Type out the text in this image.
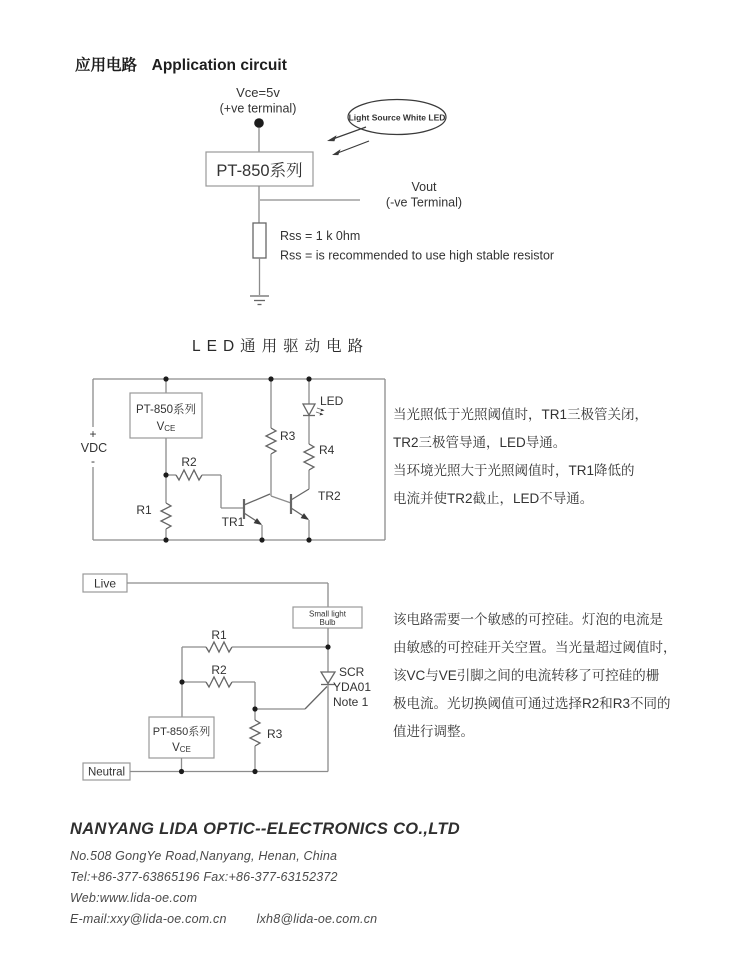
应用电路 Application circuit
Vce=5v
(+ve terminal)
PT-850系列
Light Source White LED
Vout
(-ve Terminal)
Rss = 1 k 0hm
Rss = is recommended to use high stable resistor
LED通用驱动电路
+
VDC
-
PT-850系列
VCE
R1
R2
TR1
R3
TR2
R4
LED
当光照低于光照阈值时，TR1三极管关闭，
TR2三极管导通，LED导通。
当环境光照大于光照阈值时，TR1降低的
电流并使TR2截止，LED不导通。
Live
Small light
Bulb
SCR
YDA01
Note 1
R1
R2
PT-850系列
VCE
R3
Neutral
该电路需要一个敏感的可控硅。灯泡的电流是
由敏感的可控硅开关空置。当光量超过阈值时，
该VC与VE引脚之间的电流转移了可控硅的栅
极电流。光切换阈值可通过选择R2和R3不同的
值进行调整。
NANYANG LIDA OPTIC--ELECTRONICS CO.,LTD
No.508 GongYe Road,Nanyang, Henan, China
Tel:+86-377-63865196 Fax:+86-377-63152372
Web:www.lida-oe.com
E-mail:xxy@lida-oe.com.cn lxh8@lida-oe.com.cn
